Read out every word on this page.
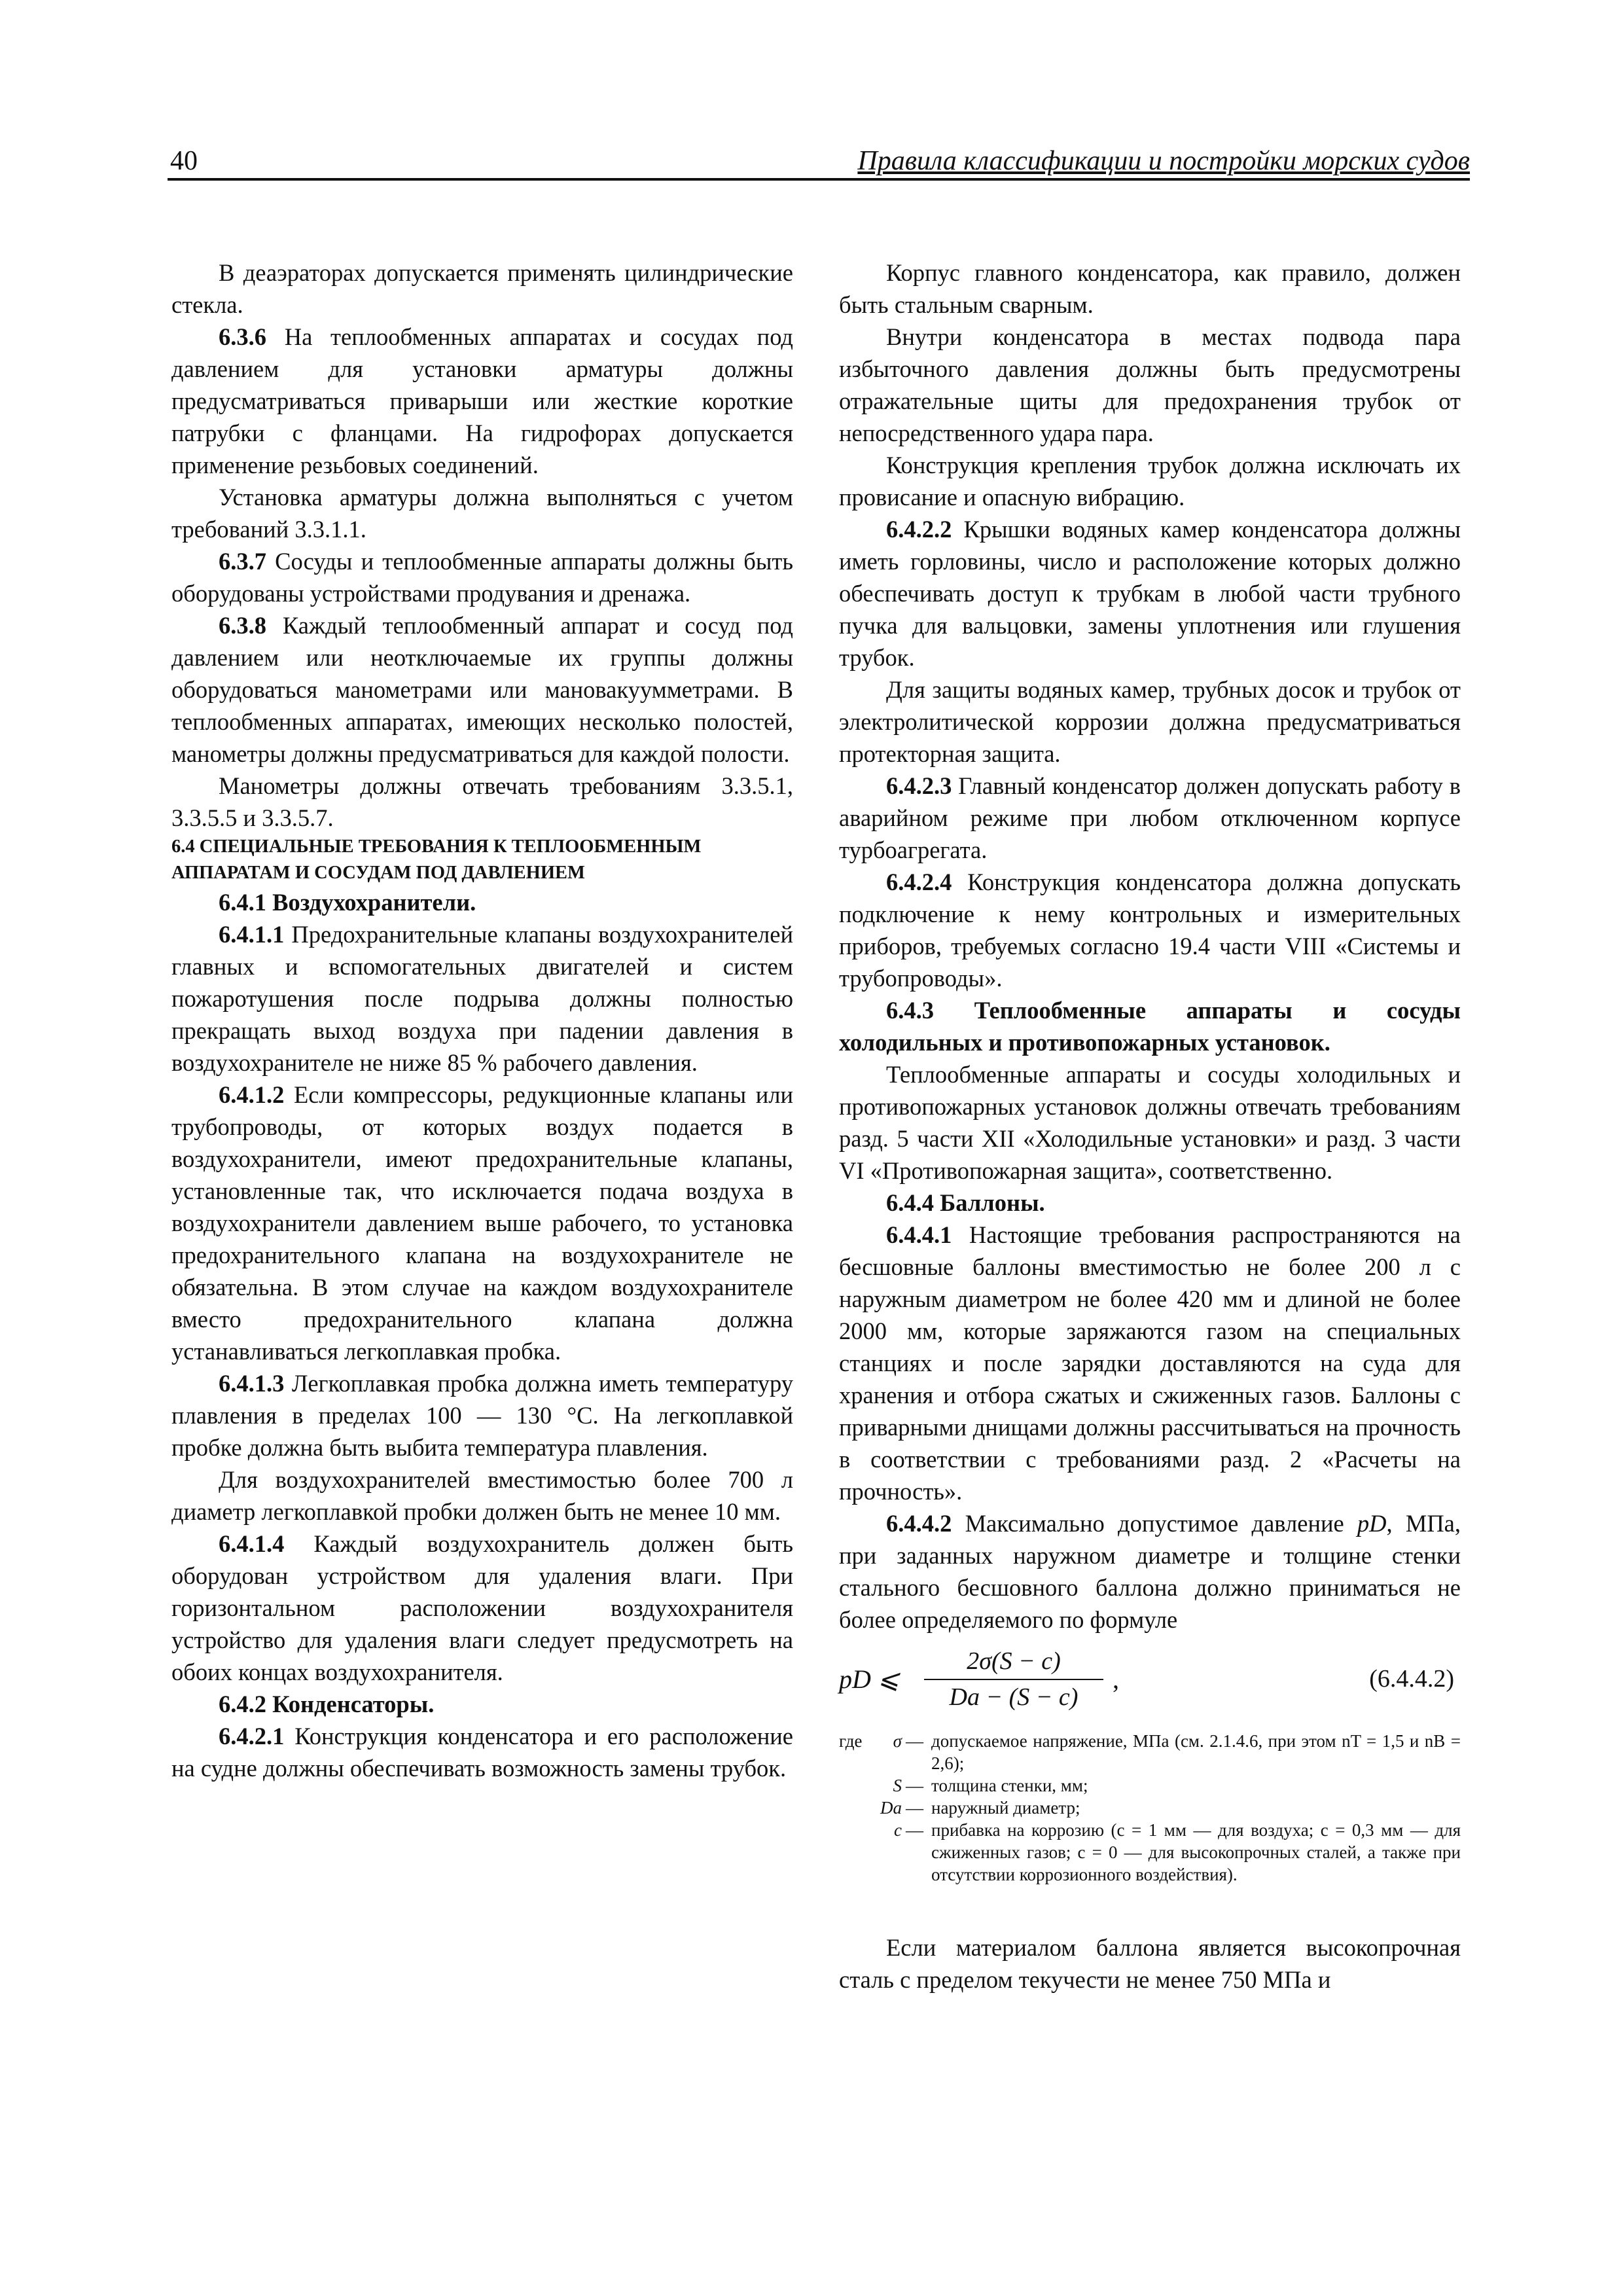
40	Правила классификации и постройки морских судов

В деаэраторах допускается применять цилиндрические стекла.

6.3.6 На теплообменных аппаратах и сосудах под давлением для установки арматуры должны предусматриваться приварыши или жесткие короткие патрубки с фланцами. На гидрофорах допускается применение резьбовых соединений.

Установка арматуры должна выполняться с учетом требований 3.3.1.1.

6.3.7 Сосуды и теплообменные аппараты должны быть оборудованы устройствами продувания и дренажа.

6.3.8 Каждый теплообменный аппарат и сосуд под давлением или неотключаемые их группы должны оборудоваться манометрами или мановакуумметрами. В теплообменных аппаратах, имеющих несколько полостей, манометры должны предусматриваться для каждой полости.

Манометры должны отвечать требованиям 3.3.5.1, 3.3.5.5 и 3.3.5.7.

6.4 СПЕЦИАЛЬНЫЕ ТРЕБОВАНИЯ К ТЕПЛООБМЕННЫМ
АППАРАТАМ И СОСУДАМ ПОД ДАВЛЕНИЕМ

6.4.1 Воздухохранители.

6.4.1.1 Предохранительные клапаны воздухохранителей главных и вспомогательных двигателей и систем пожаротушения после подрыва должны полностью прекращать выход воздуха при падении давления в воздухохранителе не ниже 85 % рабочего давления.

6.4.1.2 Если компрессоры, редукционные клапаны или трубопроводы, от которых воздух подается в воздухохранители, имеют предохранительные клапаны, установленные так, что исключается подача воздуха в воздухохранители давлением выше рабочего, то установка предохранительного клапана на воздухохранителе не обязательна. В этом случае на каждом воздухохранителе вместо предохранительного клапана должна устанавливаться легкоплавкая пробка.

6.4.1.3 Легкоплавкая пробка должна иметь температуру плавления в пределах 100 — 130 °C. На легкоплавкой пробке должна быть выбита температура плавления.

Для воздухохранителей вместимостью более 700 л диаметр легкоплавкой пробки должен быть не менее 10 мм.

6.4.1.4 Каждый воздухохранитель должен быть оборудован устройством для удаления влаги. При горизонтальном расположении воздухохранителя устройство для удаления влаги следует предусмотреть на обоих концах воздухохранителя.

6.4.2 Конденсаторы.

6.4.2.1 Конструкция конденсатора и его расположение на судне должны обеспечивать возможность замены трубок.

Корпус главного конденсатора, как правило, должен быть стальным сварным.

Внутри конденсатора в местах подвода пара избыточного давления должны быть предусмотрены отражательные щиты для предохранения трубок от непосредственного удара пара.

Конструкция крепления трубок должна исключать их провисание и опасную вибрацию.

6.4.2.2 Крышки водяных камер конденсатора должны иметь горловины, число и расположение которых должно обеспечивать доступ к трубкам в любой части трубного пучка для вальцовки, замены уплотнения или глушения трубок.

Для защиты водяных камер, трубных досок и трубок от электролитической коррозии должна предусматриваться протекторная защита.

6.4.2.3 Главный конденсатор должен допускать работу в аварийном режиме при любом отключенном корпусе турбоагрегата.

6.4.2.4 Конструкция конденсатора должна допускать подключение к нему контрольных и измерительных приборов, требуемых согласно 19.4 части VIII «Системы и трубопроводы».

6.4.3 Теплообменные аппараты и сосуды холодильных и противопожарных установок.

Теплообменные аппараты и сосуды холодильных и противопожарных установок должны отвечать требованиям разд. 5 части XII «Холодильные установки» и разд. 3 части VI «Противопожарная защита», соответственно.

6.4.4 Баллоны.

6.4.4.1 Настоящие требования распространяются на бесшовные баллоны вместимостью не более 200 л с наружным диаметром не более 420 мм и длиной не более 2000 мм, которые заряжаются газом на специальных станциях и после зарядки доставляются на суда для хранения и отбора сжатых и сжиженных газов. Баллоны с приварными днищами должны рассчитываться на прочность в соответствии с требованиями разд. 2 «Расчеты на прочность».

6.4.4.2 Максимально допустимое давление pD, МПа, при заданных наружном диаметре и толщине стенки стального бесшовного баллона должно приниматься не более определяемого по формуле

pD ⩽
2σ(S − c)
Da − (S − c)
,	(6.4.4.2)
где	σ — допускаемое напряжение, МПа (см. 2.1.4.6, при этом nT = 1,5 и nB = 2,6);
S — толщина стенки, мм;
Da — наружный диаметр;
c — прибавка на коррозию (c = 1 мм — для воздуха; c = 0,3 мм — для сжиженных газов; c = 0 — для высокопрочных сталей, а также при отсутствии коррозионного воздействия).

Если материалом баллона является высокопрочная сталь с пределом текучести не менее 750 МПа и
